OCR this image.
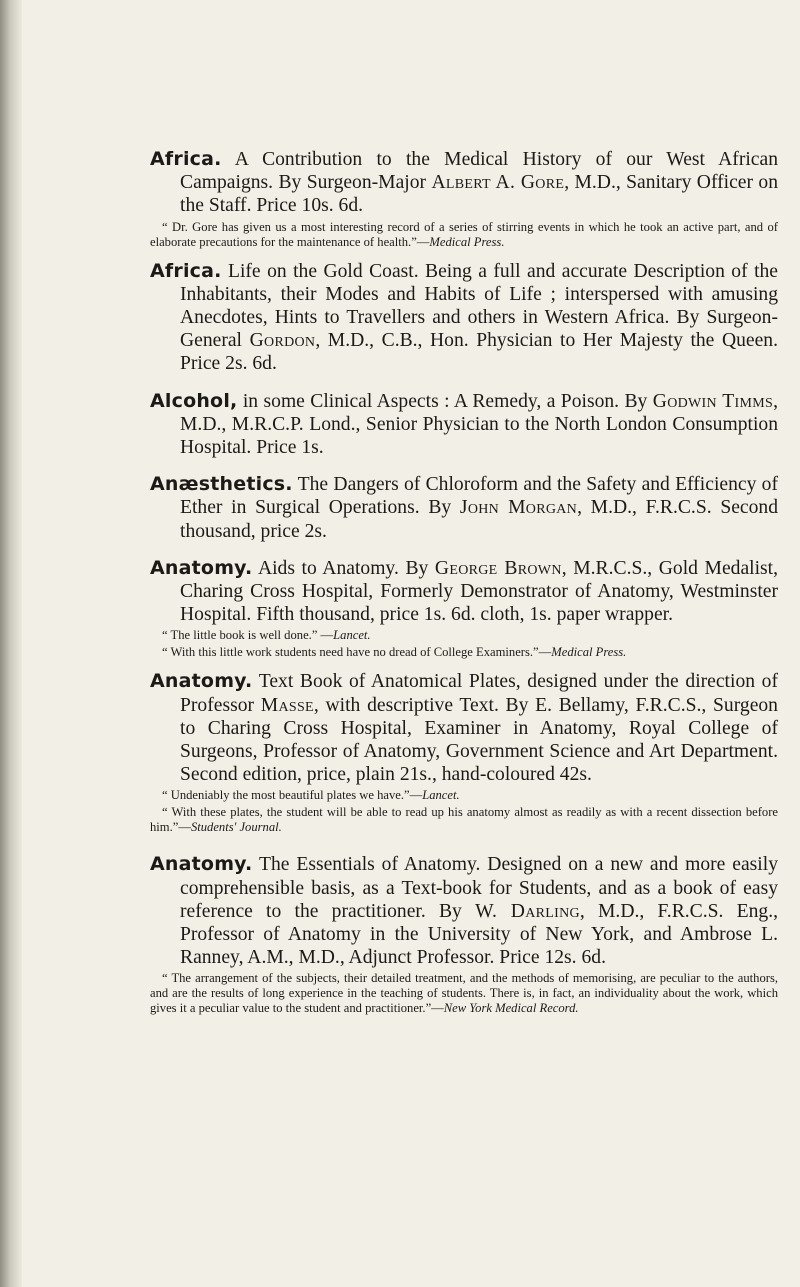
Africa. A Contribution to the Medical History of our West African Campaigns. By Surgeon-Major Albert A. Gore, M.D., Sanitary Officer on the Staff. Price 10s. 6d.
“ Dr. Gore has given us a most interesting record of a series of stirring events in which he took an active part, and of elaborate precautions for the maintenance of health.”—Medical Press.
Africa. Life on the Gold Coast. Being a full and accurate Description of the Inhabitants, their Modes and Habits of Life ; interspersed with amusing Anecdotes, Hints to Travellers and others in Western Africa. By Surgeon-General Gordon, M.D., C.B., Hon. Physician to Her Majesty the Queen. Price 2s. 6d.
Alcohol, in some Clinical Aspects : A Remedy, a Poison. By Godwin Timms, M.D., M.R.C.P. Lond., Senior Physician to the North London Consumption Hospital. Price 1s.
Anæsthetics. The Dangers of Chloroform and the Safety and Efficiency of Ether in Surgical Operations. By John Morgan, M.D., F.R.C.S. Second thousand, price 2s.
Anatomy. Aids to Anatomy. By George Brown, M.R.C.S., Gold Medalist, Charing Cross Hospital, Formerly Demonstrator of Anatomy, Westminster Hospital. Fifth thousand, price 1s. 6d. cloth, 1s. paper wrapper.
“ The little book is well done.” —Lancet.
“ With this little work students need have no dread of College Examiners.”—Medical Press.
Anatomy. Text Book of Anatomical Plates, designed under the direction of Professor Masse, with descriptive Text. By E. Bellamy, F.R.C.S., Surgeon to Charing Cross Hospital, Examiner in Anatomy, Royal College of Surgeons, Professor of Anatomy, Government Science and Art Department. Second edition, price, plain 21s., hand-coloured 42s.
“ Undeniably the most beautiful plates we have.”—Lancet.
“ With these plates, the student will be able to read up his anatomy almost as readily as with a recent dissection before him.”—Students' Journal.
Anatomy. The Essentials of Anatomy. Designed on a new and more easily comprehensible basis, as a Text-book for Students, and as a book of easy reference to the practitioner. By W. Darling, M.D., F.R.C.S. Eng., Professor of Anatomy in the University of New York, and Ambrose L. Ranney, A.M., M.D., Adjunct Professor. Price 12s. 6d.
“ The arrangement of the subjects, their detailed treatment, and the methods of memorising, are peculiar to the authors, and are the results of long experience in the teaching of students. There is, in fact, an individuality about the work, which gives it a peculiar value to the student and practitioner.”—New York Medical Record.
